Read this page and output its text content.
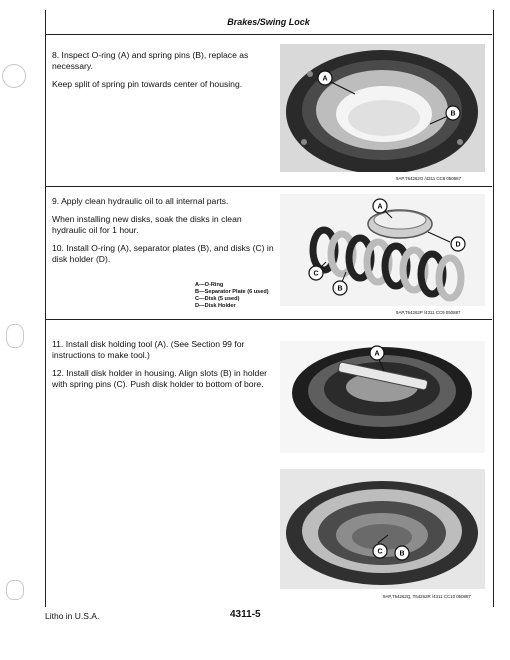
Brakes/Swing Lock

8. Inspect O-ring (A) and spring pins (B), replace as necessary.

Keep split of spring pin towards center of housing.	A
B
9AP,T64262O /4311 CC8 050887

9. Apply clean hydraulic oil to all internal parts.

When installing new disks, soak the disks in clean hydraulic oil for 1 hour.

10. Install O-ring (A), separator plates (B), and disks (C) in disk holder (D).

A—O-Ring
B—Separator Plate (6 used)
C—Disk (5 used)
D—Disk Holder
A
B
C
D
9AP,T64262P /4311 CC9 050887

11. Install disk holding tool (A). (See Section 99 for instructions to make tool.)

12. Install disk holder in housing. Align slots (B) in holder with spring pins (C). Push disk holder to bottom of bore.

A
C B
9AP,T64262Q, T64262R /4311 CC10 050887
Litho in U.S.A.	4311-5
